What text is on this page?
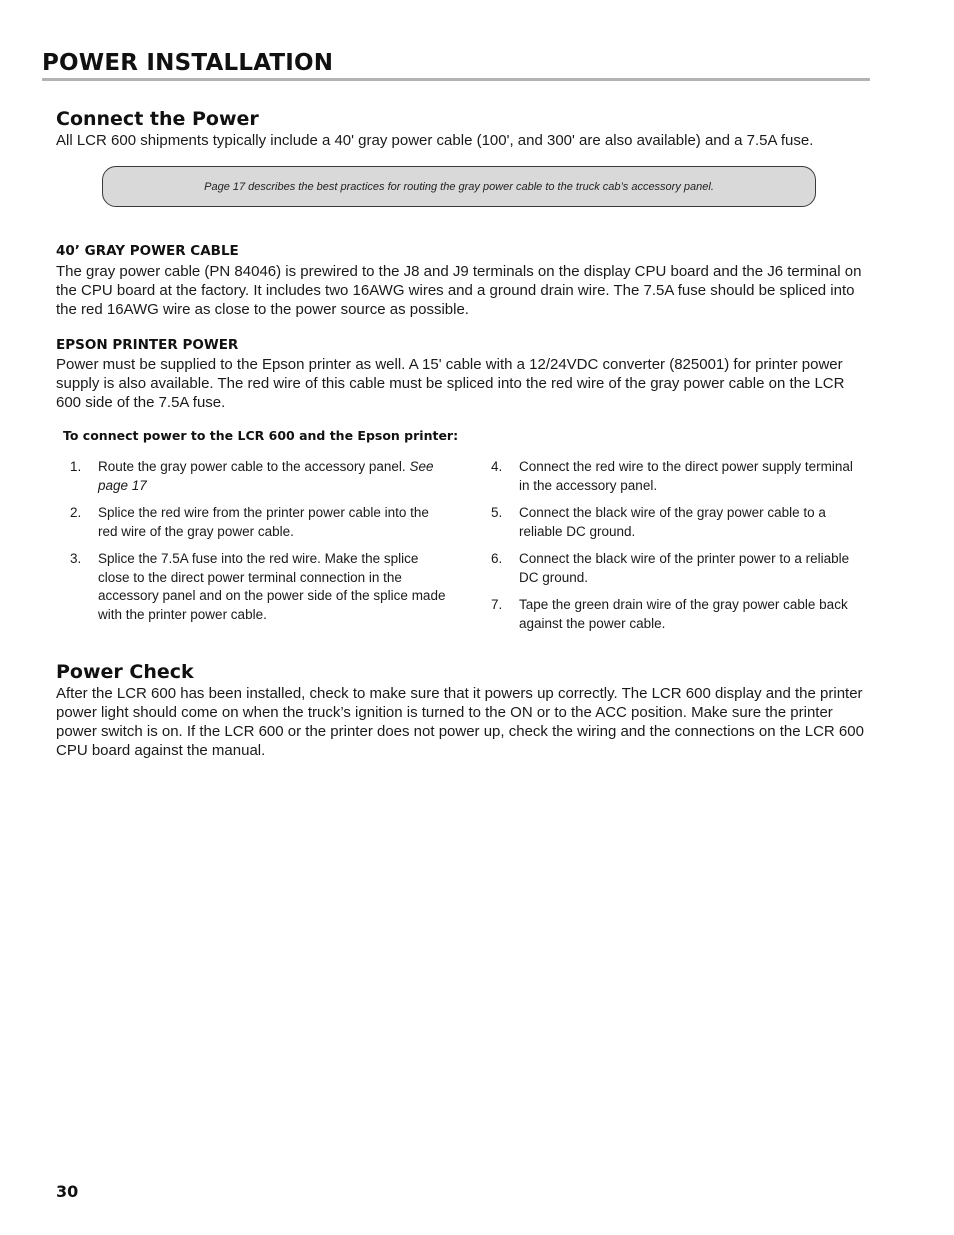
POWER INSTALLATION
Connect the Power

All LCR 600 shipments typically include a 40' gray power cable (100', and 300' are also available) and a 7.5A fuse.

Page 17 describes the best practices for routing the gray power cable to the truck cab’s accessory panel.
40’ GRAY POWER CABLE

The gray power cable (PN 84046) is prewired to the J8 and J9 terminals on the display CPU board and the J6 terminal on the CPU board at the factory. It includes two 16AWG wires and a ground drain wire. The 7.5A fuse should be spliced into the red 16AWG wire as close to the power source as possible.

EPSON PRINTER POWER

Power must be supplied to the Epson printer as well. A 15' cable with a 12/24VDC converter (825001) for printer power supply is also available. The red wire of this cable must be spliced into the red wire of the gray power cable on the LCR 600 side of the 7.5A fuse.

To connect power to the LCR 600 and the Epson printer:

1. Route the gray power cable to the accessory panel. See page 17
2. Splice the red wire from the printer power cable into the red wire of the gray power cable.
3. Splice the 7.5A fuse into the red wire. Make the splice close to the direct power terminal connection in the accessory panel and on the power side of the splice made with the printer power cable.
4. Connect the red wire to the direct power supply terminal in the accessory panel.
5. Connect the black wire of the gray power cable to a reliable DC ground.
6. Connect the black wire of the printer power to a reliable DC ground.
7. Tape the green drain wire of the gray power cable back against the power cable.
Power Check

After the LCR 600 has been installed, check to make sure that it powers up correctly. The LCR 600 display and the printer power light should come on when the truck’s ignition is turned to the ON or to the ACC position. Make sure the printer power switch is on. If the LCR 600 or the printer does not power up, check the wiring and the connections on the LCR 600 CPU board against the manual.

30
